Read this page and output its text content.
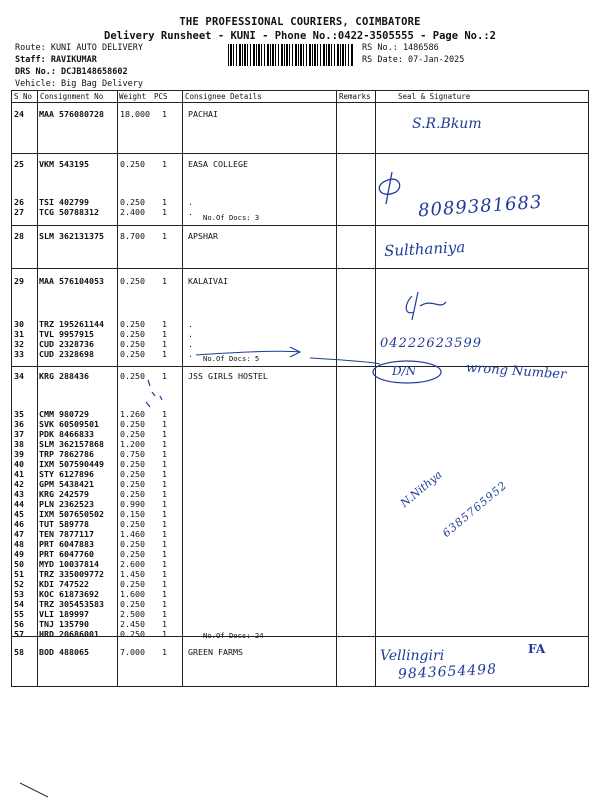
THE PROFESSIONAL COURIERS, COIMBATORE
Delivery Runsheet - KUNI - Phone No.:0422-3505555 - Page No.:2
Route: KUNI AUTO DELIVERY
Staff: RAVIKUMAR
DRS No.: DCJB148658602
Vehicle: Big Bag Delivery
RS No.: 1486586
RS Date: 07-Jan-2025
S No Consignment No Weight PCS Consignee Details	Remarks	Seal & Signature
No.Of Docs: 3
No.Of Docs: 5
No.Of Docs: 24
24 MAA 576080728 18.000 1	PACHAI
25 VKM 543195	0.250 1	EASA COLLEGE
26 TSI 402799	0.250 1	.
27 TCG 50788312	2.400 1	.
28 SLM 362131375 8.700 1	APSHAR
29 MAA 576104053 0.250 1	KALAIVAI
30 TRZ 195261144 0.250 1	.
31 TVL 9957915	0.250 1	.
32 CUD 2328736	0.250 1	.
33 CUD 2328698	0.250 1	.
34 KRG 288436	0.250 1	JSS GIRLS HOSTEL
35 CMM 980729	1.260 1
36 SVK 60509501	0.250 1
37 PDK 8466833	0.250 1
38 SLM 362157868 1.200 1
39 TRP 7862786	0.750 1
40 IXM 507590449 0.250 1
41 STY 6127896	0.250 1
42 GPM 5438421	0.250 1
43 KRG 242579	0.250 1
44 PLN 2362523	0.990 1
45 IXM 507650502 0.150 1
46 TUT 589778	0.250 1
47 TEN 7877117	1.460 1
48 PRT 6047883	0.250 1
49 PRT 6047760	0.250 1
50 MYD 10037814	2.600 1
51 TRZ 335009772 1.450 1
52 KDI 747522	0.250 1
53 KOC 61873692	1.600 1
54 TRZ 305453583 0.250 1
55 VLI 189997	2.500 1
56 TNJ 135790	2.450 1
57 HRD 20686001	0.250 1
58 BOD 488065	7.000 1	GREEN FARMS
S.R.Bkum
8089381683
Sulthaniya
04222623599
D/N	wrong Number
N.Nithya
6385765952
Vellingiri
9843654498
FA
